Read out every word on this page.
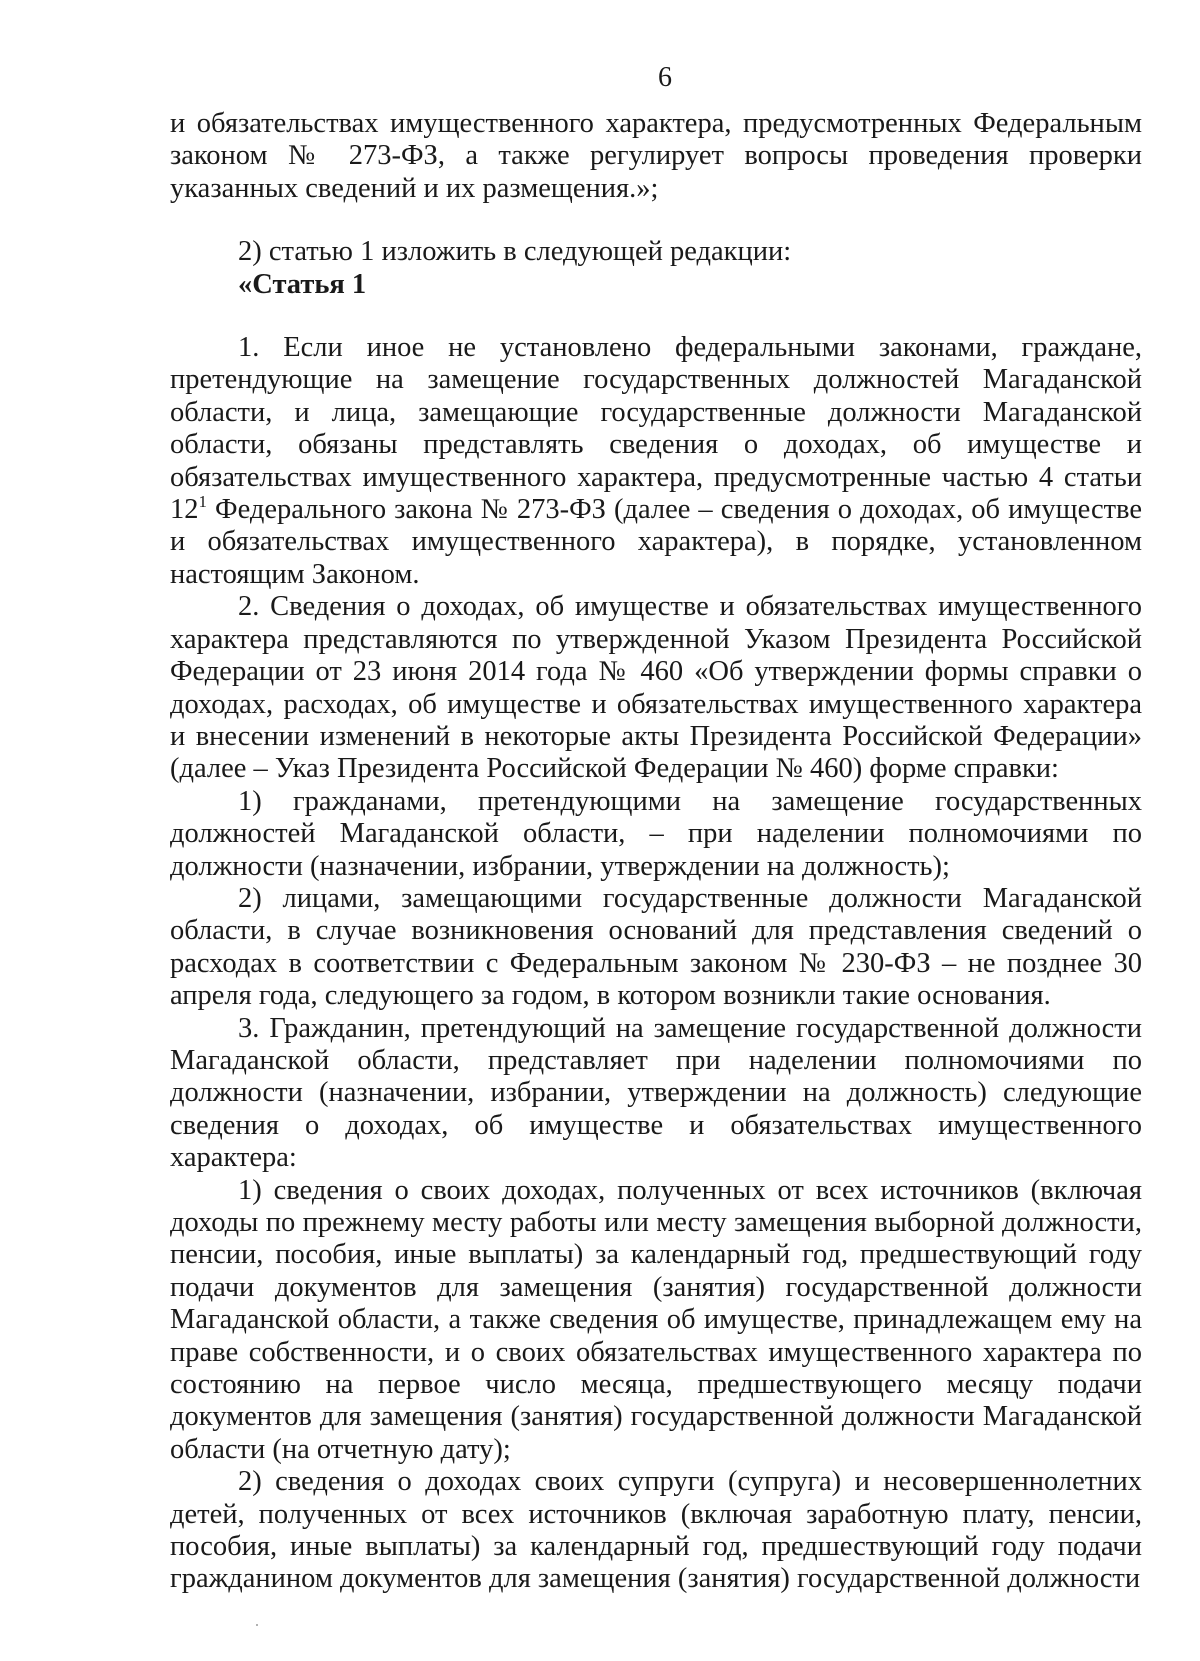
6

и обязательствах имущественного характера, предусмотренных Федеральным законом № 273-ФЗ, а также регулирует вопросы проведения проверки указанных сведений и их размещения.»;

2) статью 1 изложить в следующей редакции:

«Статья 1

1. Если иное не установлено федеральными законами, граждане, претендующие на замещение государственных должностей Магаданской области, и лица, замещающие государственные должности Магаданской области, обязаны представлять сведения о доходах, об имуществе и обязательствах имущественного характера, предусмотренные частью 4 статьи $12^1$ Федерального закона № 273-ФЗ (далее – сведения о доходах, об имуществе и обязательствах имущественного характера), в порядке, установленном настоящим Законом.

2. Сведения о доходах, об имуществе и обязательствах имущественного характера представляются по утвержденной Указом Президента Российской Федерации от 23 июня 2014 года № 460 «Об утверждении формы справки о доходах, расходах, об имуществе и обязательствах имущественного характера и внесении изменений в некоторые акты Президента Российской Федерации» (далее – Указ Президента Российской Федерации № 460) форме справки:

1) гражданами, претендующими на замещение государственных должностей Магаданской области, – при наделении полномочиями по должности (назначении, избрании, утверждении на должность);

2) лицами, замещающими государственные должности Магаданской области, в случае возникновения оснований для представления сведений о расходах в соответствии с Федеральным законом № 230-ФЗ – не позднее 30 апреля года, следующего за годом, в котором возникли такие основания.

3. Гражданин, претендующий на замещение государственной должности Магаданской области, представляет при наделении полномочиями по должности (назначении, избрании, утверждении на должность) следующие сведения о доходах, об имуществе и обязательствах имущественного характера:

1) сведения о своих доходах, полученных от всех источников (включая доходы по прежнему месту работы или месту замещения выборной должности, пенсии, пособия, иные выплаты) за календарный год, предшествующий году подачи документов для замещения (занятия) государственной должности Магаданской области, а также сведения об имуществе, принадлежащем ему на праве собственности, и о своих обязательствах имущественного характера по состоянию на первое число месяца, предшествующего месяцу подачи документов для замещения (занятия) государственной должности Магаданской области (на отчетную дату);

2) сведения о доходах своих супруги (супруга) и несовершеннолетних детей, полученных от всех источников (включая заработную плату, пенсии, пособия, иные выплаты) за календарный год, предшествующий году подачи гражданином документов для замещения (занятия) государственной должности
